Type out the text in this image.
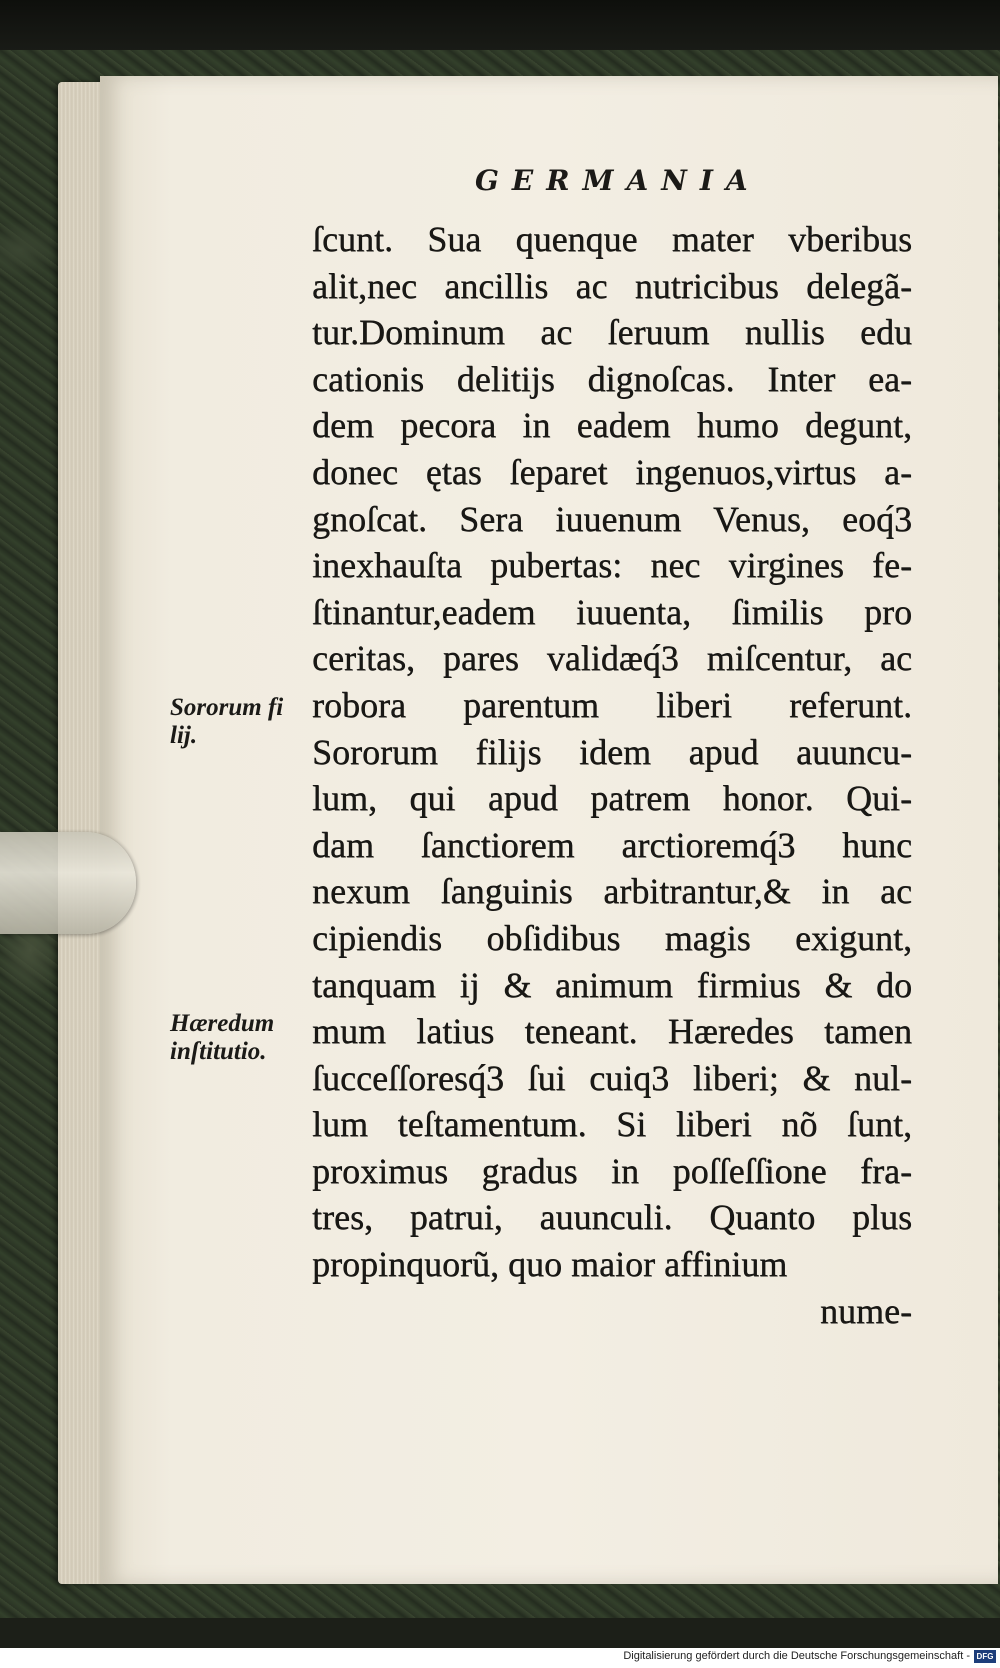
GERMANIA
ſcunt. Sua quenque mater vberibus
alit,nec ancillis ac nutricibus delegã-
tur.Dominum ac ſeruum nullis edu
cationis delitijs dignoſcas. Inter ea-
dem pecora in eadem humo degunt,
donec ętas ſeparet ingenuos,virtus a-
gnoſcat. Sera iuuenum Venus, eoq́3
inexhauſta pubertas: nec virgines fe-
ſtinantur,eadem iuuenta, ſimilis pro
ceritas, pares validæq́3 miſcentur, ac
robora parentum liberi referunt.
Sororum filijs idem apud auuncu-
lum, qui apud patrem honor. Qui-
dam ſanctiorem arctioremq́3 hunc
nexum ſanguinis arbitrantur,& in ac
cipiendis obſidibus magis exigunt,
tanquam ij & animum firmius & do
mum latius teneant. Hæredes tamen
ſucceſſoresq́3 ſui cuiq3 liberi; & nul-
lum teſtamentum. Si liberi nõ ſunt,
proximus gradus in poſſeſſione fra-
tres, patrui, auunculi. Quanto plus
propinquorũ, quo maior affinium
nume-
Sororum fi
lij.
Hæredum
inſtitutio.
Digitalisierung gefördert durch die Deutsche Forschungsgemeinschaft - DFG
